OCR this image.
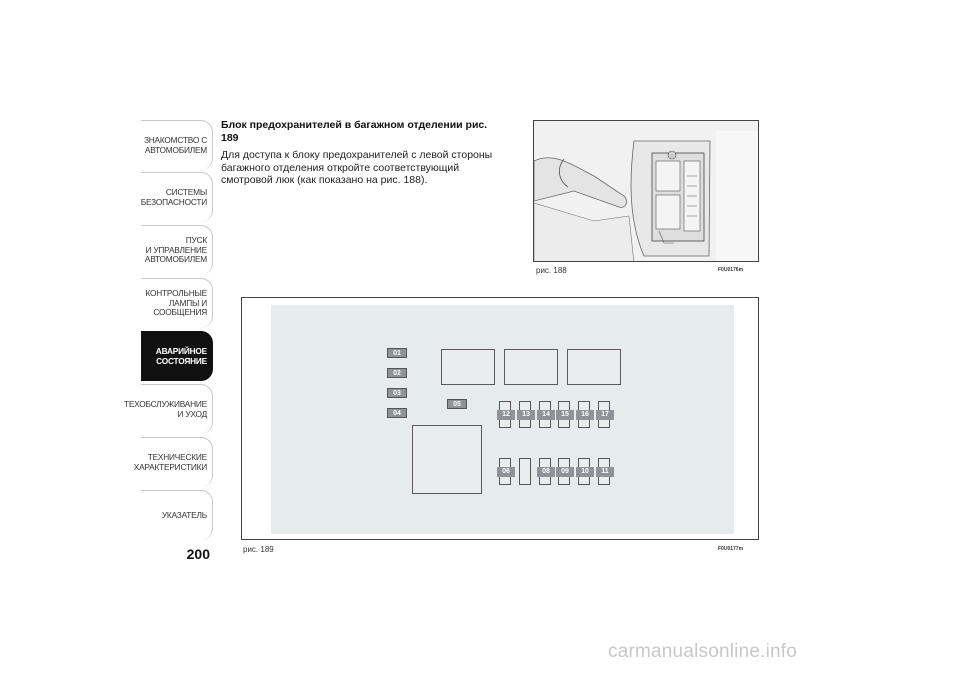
ЗНАКОМСТВО С
АВТОМОБИЛЕМ
СИСТЕМЫ
БЕЗОПАСНОСТИ
ПУСК
И УПРАВЛЕНИЕ
АВТОМОБИЛЕМ
КОНТРОЛЬНЫЕ
ЛАМПЫ И
СООБЩЕНИЯ
АВАРИЙНОЕ
СОСТОЯНИЕ
ТЕХОБСЛУЖИВАНИЕ
И УХОД
ТЕХНИЧЕСКИЕ
ХАРАКТЕРИСТИКИ
УКАЗАТЕЛЬ
200
Блок предохранителей в багажном отделении рис. 189
Для доступа к блоку предохранителей с левой стороны багажного отделения откройте соответствующий смотровой люк (как показано на рис. 188).
рис. 188	F0U0176m
01
02
03
04
05
12	13	14	15	16	17
06	08	09	10	11
рис. 189	F0U0177m
carmanualsonline.info
